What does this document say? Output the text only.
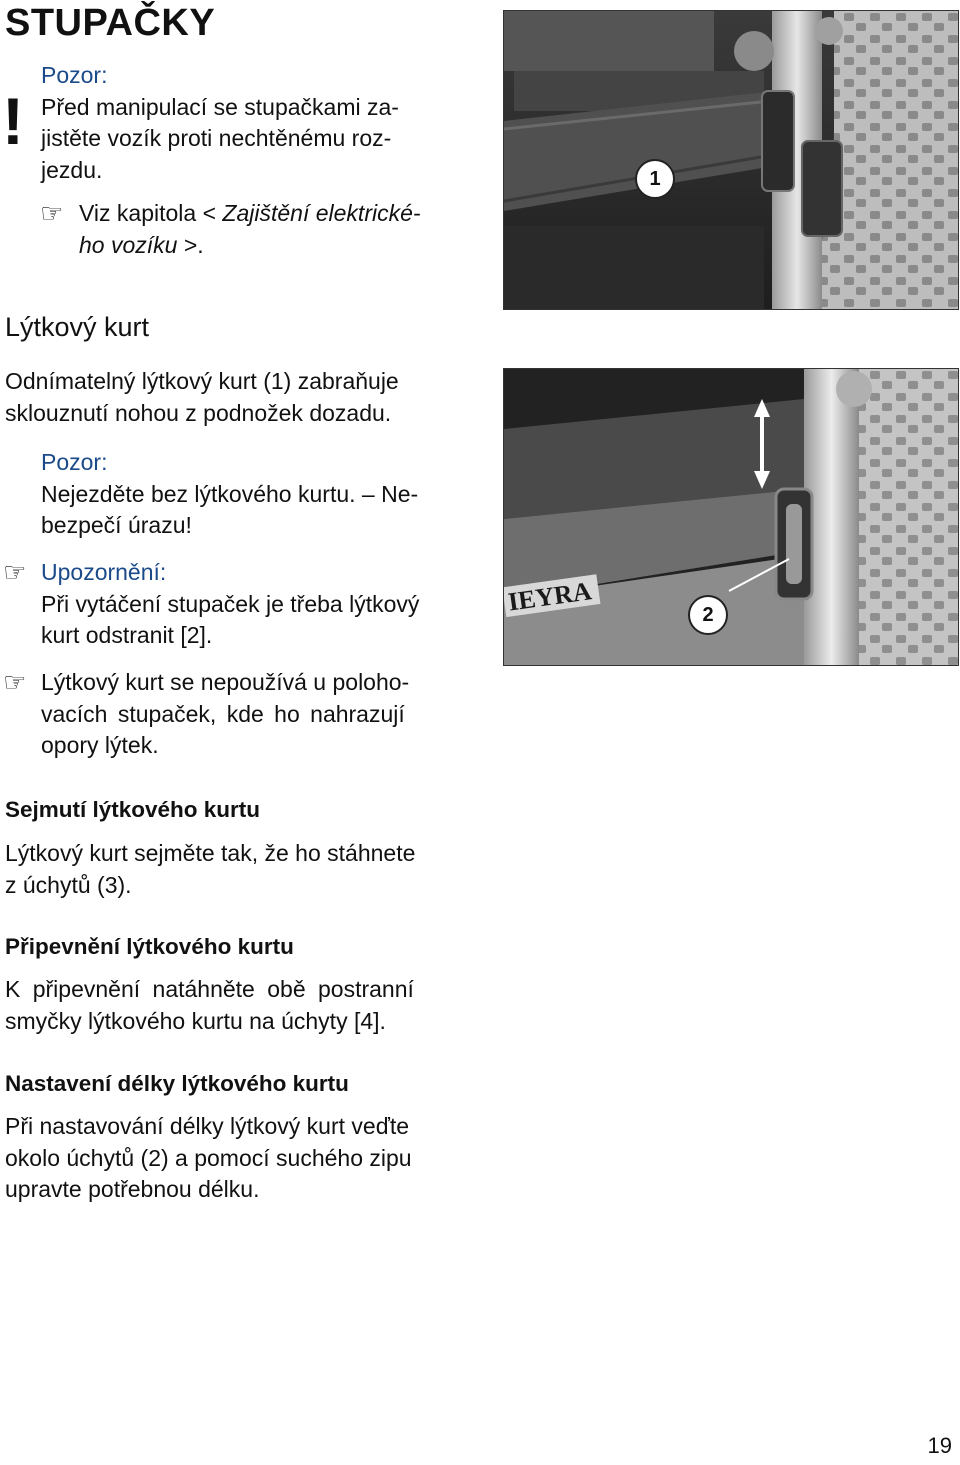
STUPAČKY
!
Pozor:
Před manipulací se stupačkami za-
jistěte vozík proti nechtěnému roz-
jezdu.
☞ Viz kapitola < Zajištění elektrické-
ho vozíku >.
Lýtkový kurt
Odnímatelný lýtkový kurt (1) zabraňuje
sklouznutí nohou z podnožek dozadu.
Pozor:
Nejezděte bez lýtkového kurtu. – Ne-
bezpečí úrazu!
☞ Upozornění:
Při vytáčení stupaček je třeba lýtkový
kurt odstranit [2].
☞ Lýtkový kurt se nepoužívá u poloho-
vacích stupaček, kde ho nahrazují
opory lýtek.
Sejmutí lýtkového kurtu
Lýtkový kurt sejměte tak, že ho stáhnete
z úchytů (3).
Připevnění lýtkového kurtu
K připevnění natáhněte obě postranní
smyčky lýtkového kurtu na úchyty [4].
Nastavení délky lýtkového kurtu
Při nastavování délky lýtkový kurt veďte
okolo úchytů (2) a pomocí suchého zipu
upravte potřebnou délku.
1
IEYRA	2
19
